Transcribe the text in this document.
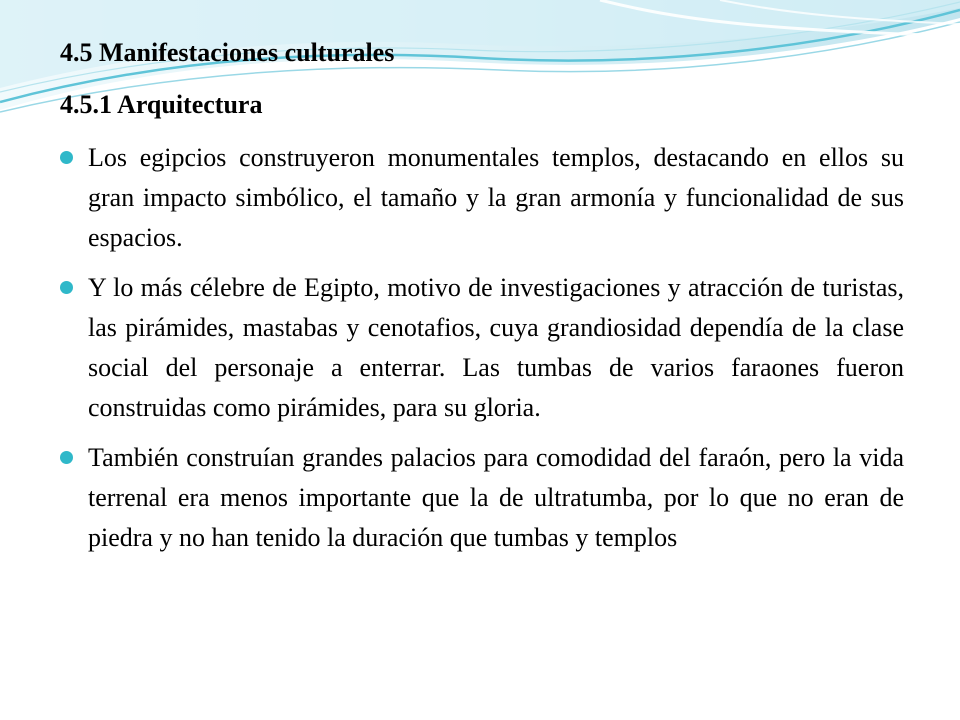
4.5 Manifestaciones culturales
4.5.1 Arquitectura
Los egipcios construyeron monumentales templos, destacando en ellos su gran impacto simbólico, el tamaño y la gran armonía y funcionalidad de sus espacios.
Y lo más célebre de Egipto, motivo de investigaciones y atracción de turistas, las pirámides, mastabas y cenotafios, cuya grandiosidad dependía de la clase social del personaje a enterrar. Las tumbas de varios faraones fueron construidas como pirámides, para su gloria.
También construían grandes palacios para comodidad del faraón, pero la vida terrenal era menos importante que la de ultratumba, por lo que no eran de piedra y no han tenido la duración que tumbas y templos
